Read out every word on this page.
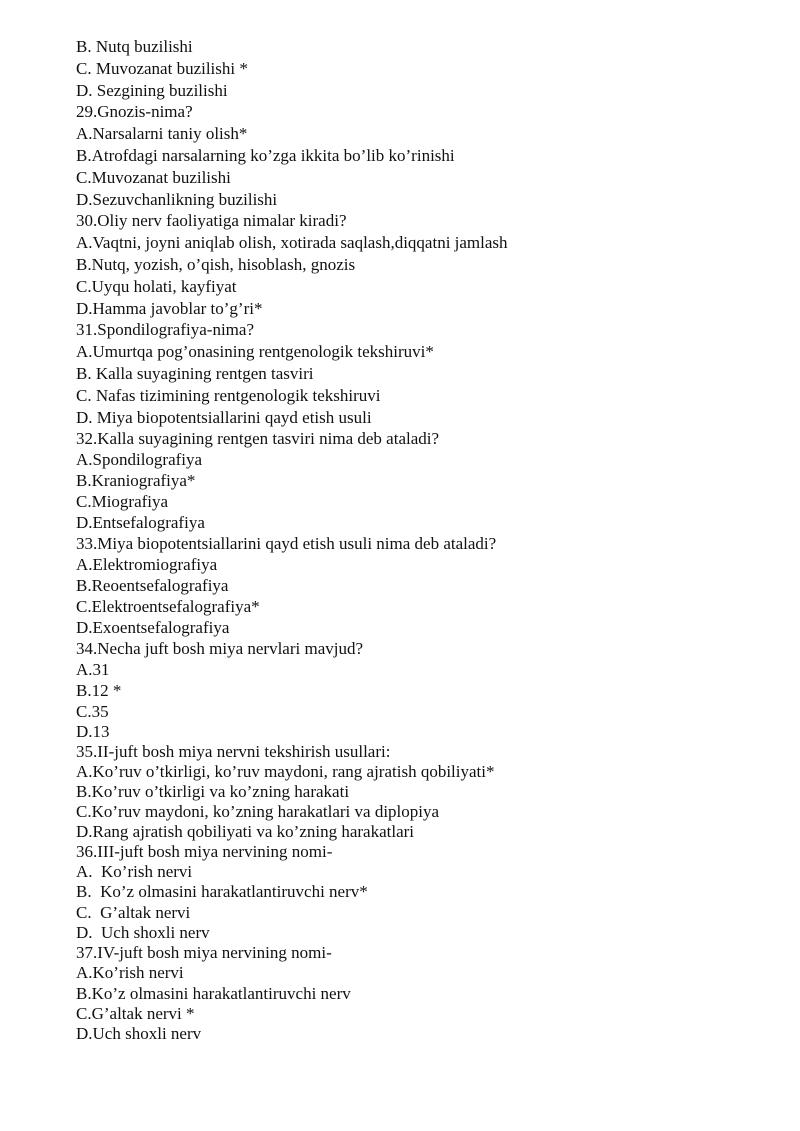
B. Nutq buzilishi
C. Muvozanat buzilishi *
D. Sezgining buzilishi
29.Gnozis-nima?
A.Narsalarni taniy olish*
B.Atrofdagi narsalarning ko’zga ikkita bo’lib ko’rinishi
C.Muvozanat buzilishi
D.Sezuvchanlikning buzilishi
30.Oliy nerv faoliyatiga nimalar kiradi?
A.Vaqtni, joyni aniqlab olish, xotirada saqlash,diqqatni jamlash
B.Nutq, yozish, o’qish, hisoblash, gnozis
C.Uyqu holati, kayfiyat
D.Hamma javoblar to’g’ri*
31.Spondilografiya-nima?
A.Umurtqa pog’onasining rentgenologik tekshiruvi*
B. Kalla suyagining rentgen tasviri
C. Nafas tizimining rentgenologik tekshiruvi
D. Miya biopotentsiallarini qayd etish usuli
32.Kalla suyagining rentgen tasviri nima deb ataladi?
A.Spondilografiya
B.Kraniografiya*
C.Miografiya
D.Entsefalografiya
33.Miya biopotentsiallarini qayd etish usuli nima deb ataladi?
A.Elektromiografiya
B.Reoentsefalografiya
C.Elektroentsefalografiya*
D.Exoentsefalografiya
34.Necha juft bosh miya nervlari mavjud?
A.31
B.12 *
C.35
D.13
35.II-juft bosh miya nervni tekshirish usullari:
A.Ko’ruv o’tkirligi, ko’ruv maydoni, rang ajratish qobiliyati*
B.Ko’ruv o’tkirligi va ko’zning harakati
C.Ko’ruv maydoni, ko’zning harakatlari va diplopiya
D.Rang ajratish qobiliyati va ko’zning harakatlari
36.III-juft bosh miya nervining nomi-
A.  Ko’rish nervi
B.  Ko’z olmasini harakatlantiruvchi nerv*
C.  G’altak nervi
D.  Uch shoxli nerv
37.IV-juft bosh miya nervining nomi-
A.Ko’rish nervi
B.Ko’z olmasini harakatlantiruvchi nerv
C.G’altak nervi *
D.Uch shoxli nerv
